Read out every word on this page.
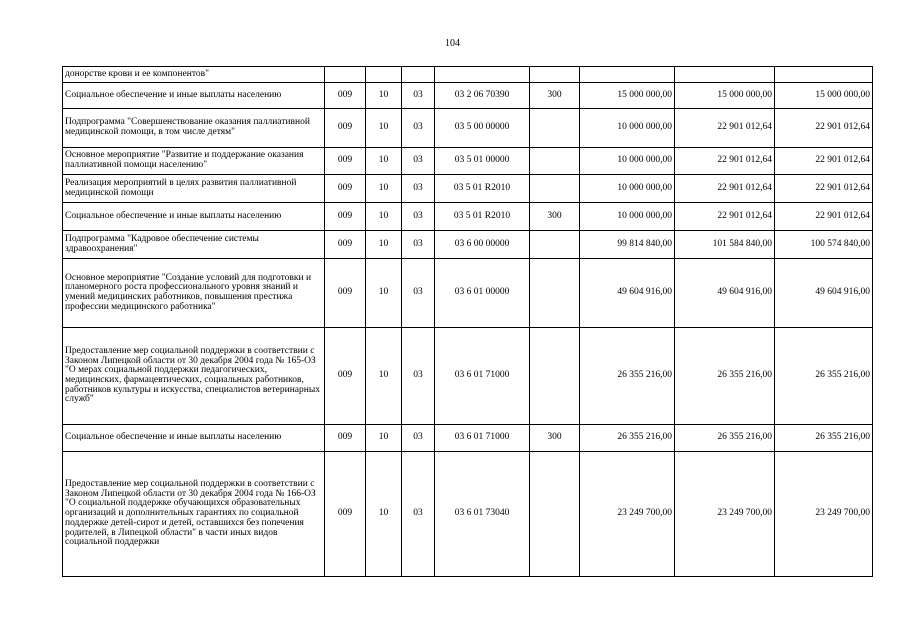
104
донорстве крови и ее компонентов"								
Социальное обеспечение и иные выплаты населению	009	10	03	03 2 06 70390	300	15 000 000,00	15 000 000,00	15 000 000,00
Подпрограмма "Совершенствование оказания паллиативной медицинской помощи, в том числе детям"	009	10	03	03 5 00 00000		10 000 000,00	22 901 012,64	22 901 012,64
Основное мероприятие "Развитие и поддержание оказания паллиативной помощи населению"	009	10	03	03 5 01 00000		10 000 000,00	22 901 012,64	22 901 012,64
Реализация мероприятий в целях развития паллиативной медицинской помощи	009	10	03	03 5 01 R2010		10 000 000,00	22 901 012,64	22 901 012,64
Социальное обеспечение и иные выплаты населению	009	10	03	03 5 01 R2010	300	10 000 000,00	22 901 012,64	22 901 012,64
Подпрограмма "Кадровое обеспечение системы здравоохранения"	009	10	03	03 6 00 00000		99 814 840,00	101 584 840,00	100 574 840,00
Основное мероприятие "Создание условий для подготовки и планомерного роста профессионального уровня знаний и умений медицинских работников, повышения престижа профессии медицинского работника"	009	10	03	03 6 01 00000		49 604 916,00	49 604 916,00	49 604 916,00
Предоставление мер социальной поддержки в соответствии с Законом Липецкой области от 30 декабря 2004 года № 165-ОЗ "О мерах социальной поддержки педагогических, медицинских, фармацевтических, социальных работников, работников культуры и искусства, специалистов ветеринарных служб"	009	10	03	03 6 01 71000		26 355 216,00	26 355 216,00	26 355 216,00
Социальное обеспечение и иные выплаты населению	009	10	03	03 6 01 71000	300	26 355 216,00	26 355 216,00	26 355 216,00
Предоставление мер социальной поддержки в соответствии с Законом Липецкой области от 30 декабря 2004 года № 166-ОЗ "О социальной поддержке обучающихся образовательных организаций и дополнительных гарантиях по социальной поддержке детей-сирот и детей, оставшихся без попечения родителей, в Липецкой области" в части иных видов социальной поддержки	009	10	03	03 6 01 73040		23 249 700,00	23 249 700,00	23 249 700,00
